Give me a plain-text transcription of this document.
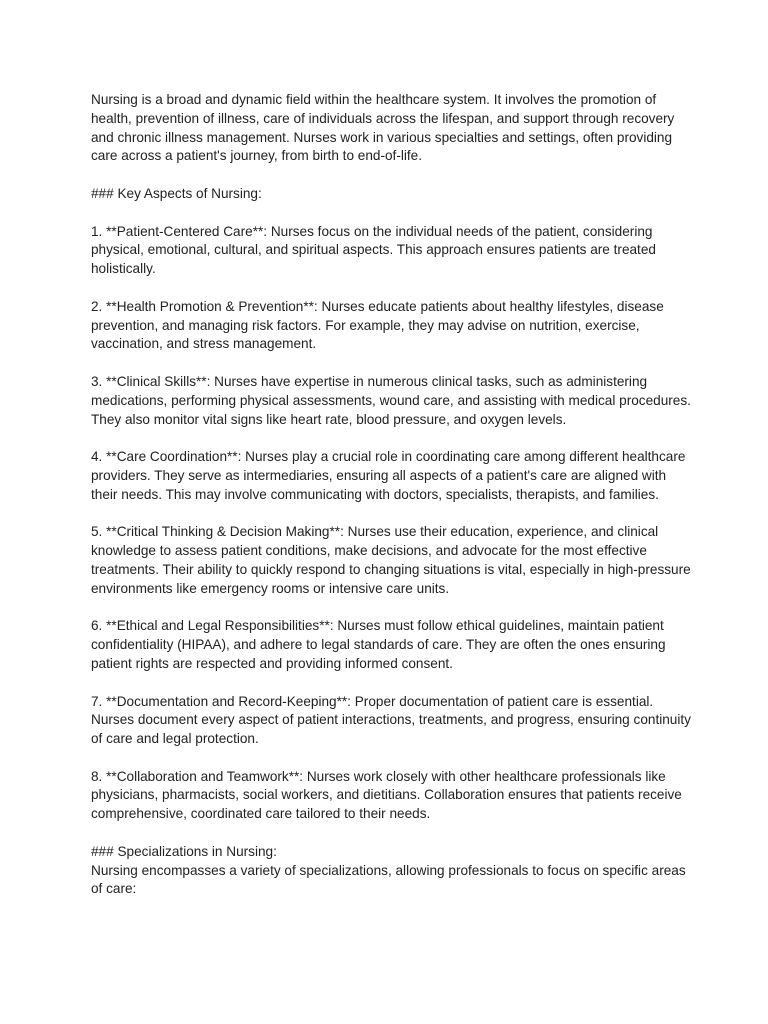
Nursing is a broad and dynamic field within the healthcare system. It involves the promotion of health, prevention of illness, care of individuals across the lifespan, and support through recovery and chronic illness management. Nurses work in various specialties and settings, often providing care across a patient's journey, from birth to end-of-life.

### Key Aspects of Nursing:

1. **Patient-Centered Care**: Nurses focus on the individual needs of the patient, considering physical, emotional, cultural, and spiritual aspects. This approach ensures patients are treated holistically.

2. **Health Promotion & Prevention**: Nurses educate patients about healthy lifestyles, disease prevention, and managing risk factors. For example, they may advise on nutrition, exercise, vaccination, and stress management.

3. **Clinical Skills**: Nurses have expertise in numerous clinical tasks, such as administering medications, performing physical assessments, wound care, and assisting with medical procedures. They also monitor vital signs like heart rate, blood pressure, and oxygen levels.

4. **Care Coordination**: Nurses play a crucial role in coordinating care among different healthcare providers. They serve as intermediaries, ensuring all aspects of a patient's care are aligned with their needs. This may involve communicating with doctors, specialists, therapists, and families.

5. **Critical Thinking & Decision Making**: Nurses use their education, experience, and clinical knowledge to assess patient conditions, make decisions, and advocate for the most effective treatments. Their ability to quickly respond to changing situations is vital, especially in high-pressure environments like emergency rooms or intensive care units.

6. **Ethical and Legal Responsibilities**: Nurses must follow ethical guidelines, maintain patient confidentiality (HIPAA), and adhere to legal standards of care. They are often the ones ensuring patient rights are respected and providing informed consent.

7. **Documentation and Record-Keeping**: Proper documentation of patient care is essential. Nurses document every aspect of patient interactions, treatments, and progress, ensuring continuity of care and legal protection.

8. **Collaboration and Teamwork**: Nurses work closely with other healthcare professionals like physicians, pharmacists, social workers, and dietitians. Collaboration ensures that patients receive comprehensive, coordinated care tailored to their needs.

### Specializations in Nursing:

Nursing encompasses a variety of specializations, allowing professionals to focus on specific areas of care:
